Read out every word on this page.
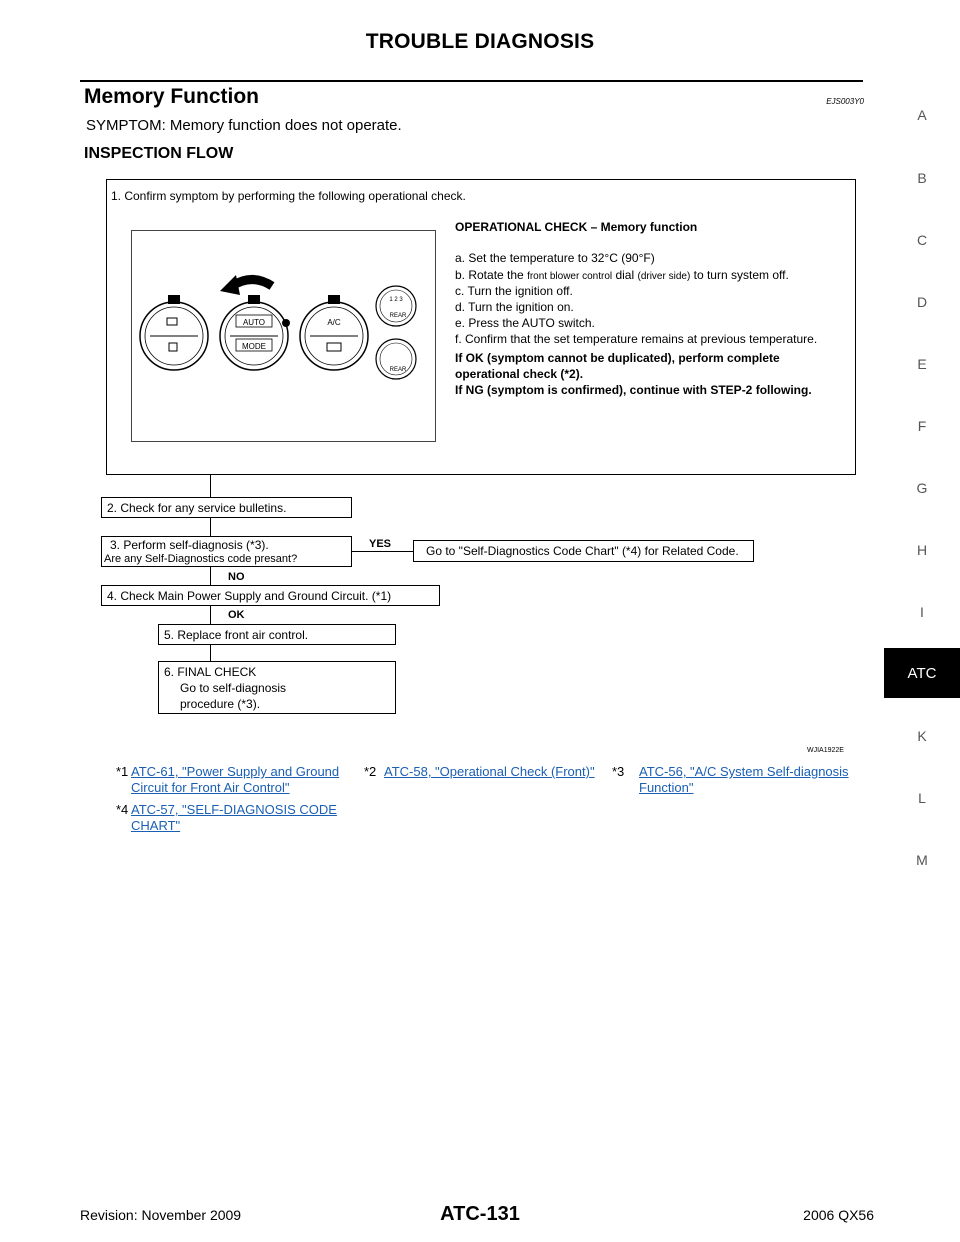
TROUBLE DIAGNOSIS
Memory Function	EJS003Y0
SYMPTOM: Memory function does not operate.
INSPECTION FLOW
A
B
C
D
E
F
G
H
I
ATC
K
L
M
1. Confirm symptom by performing the following operational check.
AUTO
MODE
A/C
1 2 3
REAR
REAR
OPERATIONAL CHECK – Memory function
a. Set the temperature to 32°C (90°F)
b. Rotate the front blower control dial (driver side) to turn system off.
c. Turn the ignition off.
d. Turn the ignition on.
e. Press the AUTO switch.
f. Confirm that the set temperature remains at previous temperature.
If OK (symptom cannot be duplicated), perform complete
operational check (*2).
If NG (symptom is confirmed), continue with STEP-2 following.
2. Check for any service bulletins.
3. Perform self-diagnosis (*3).
Are any Self-Diagnostics code presant?
YES	Go to "Self-Diagnostics Code Chart" (*4) for Related Code.
NO
4. Check Main Power Supply and Ground Circuit. (*1)
OK
5. Replace front air control.
6. FINAL CHECK
Go to self-diagnosis
procedure (*3).
WJIA1922E
*1 ATC-61, "Power Supply and Ground
Circuit for Front Air Control"
*2 ATC-58, "Operational Check (Front)" *3 ATC-56, "A/C System Self-diagnosis
Function"
*4 ATC-57, "SELF-DIAGNOSIS CODE
CHART"
Revision: November 2009	ATC-131	2006 QX56
